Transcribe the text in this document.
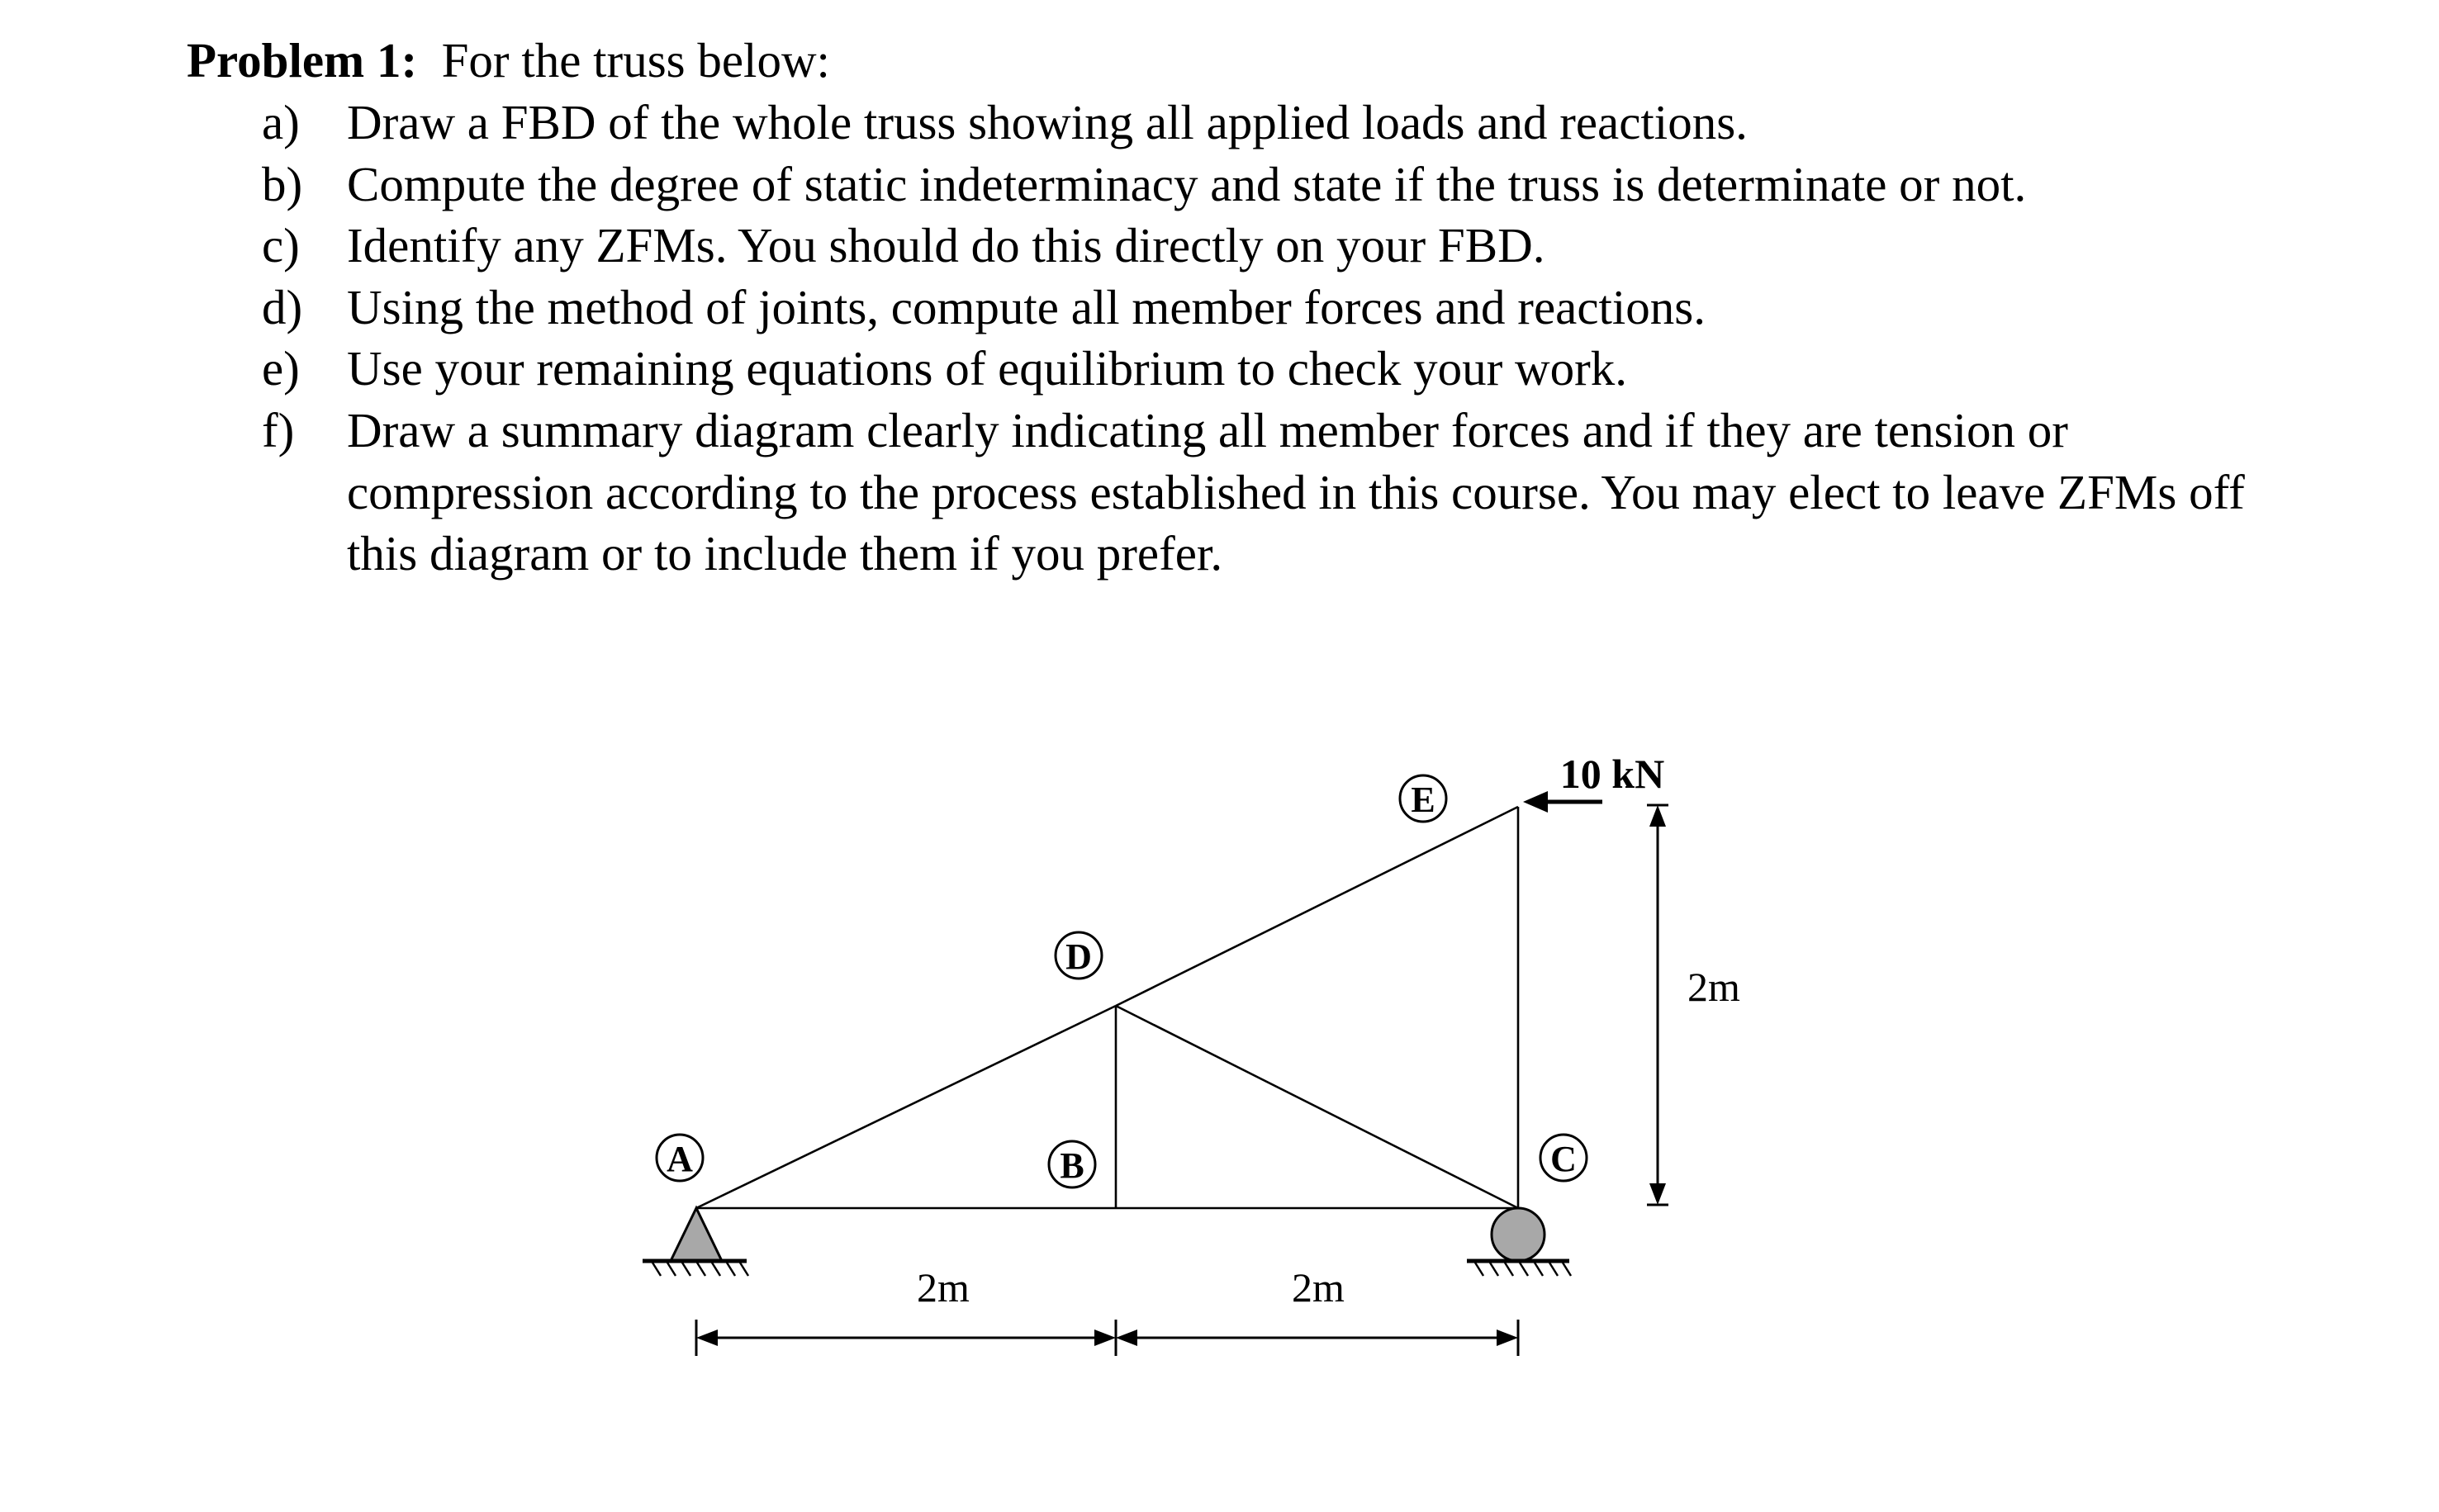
Problem 1: For the truss below:
a) Draw a FBD of the whole truss showing all applied loads and reactions.
b) Compute the degree of static indeterminacy and state if the truss is determinate or not.
c) Identify any ZFMs. You should do this directly on your FBD.
d) Using the method of joints, compute all member forces and reactions.
e) Use your remaining equations of equilibrium to check your work.
f) Draw a summary diagram clearly indicating all member forces and if they are tension or compression according to the process established in this course. You may elect to leave ZFMs off this diagram or to include them if you prefer.
A	B	C
D
E
10 kN
2m
2m	2m
